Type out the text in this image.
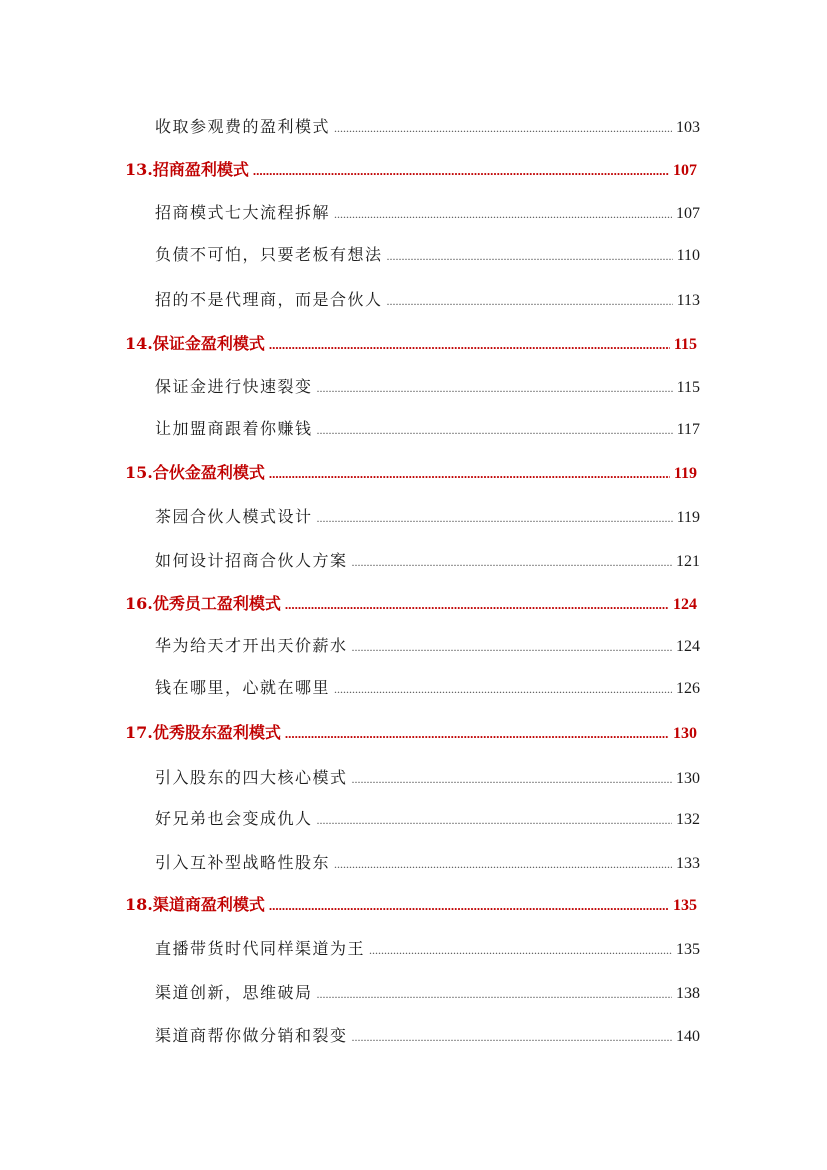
收取参观费的盈利模式 .....	103
13.招商盈利模式 .....	107
招商模式七大流程拆解 .....	107
负债不可怕，只要老板有想法 .....	110
招的不是代理商，而是合伙人 .....	113
14.保证金盈利模式 .....	115
保证金进行快速裂变 .....	115
让加盟商跟着你赚钱 .....	117
15.合伙金盈利模式 .....	119
茶园合伙人模式设计 .....	119
如何设计招商合伙人方案 .....	121
16.优秀员工盈利模式 .....	124
华为给天才开出天价薪水 .....	124
钱在哪里，心就在哪里 .....	126
17.优秀股东盈利模式 .....	130
引入股东的四大核心模式 .....	130
好兄弟也会变成仇人 .....	132
引入互补型战略性股东 .....	133
18.渠道商盈利模式 .....	135
直播带货时代同样渠道为王 .....	135
渠道创新，思维破局 .....	138
渠道商帮你做分销和裂变 .....	140
